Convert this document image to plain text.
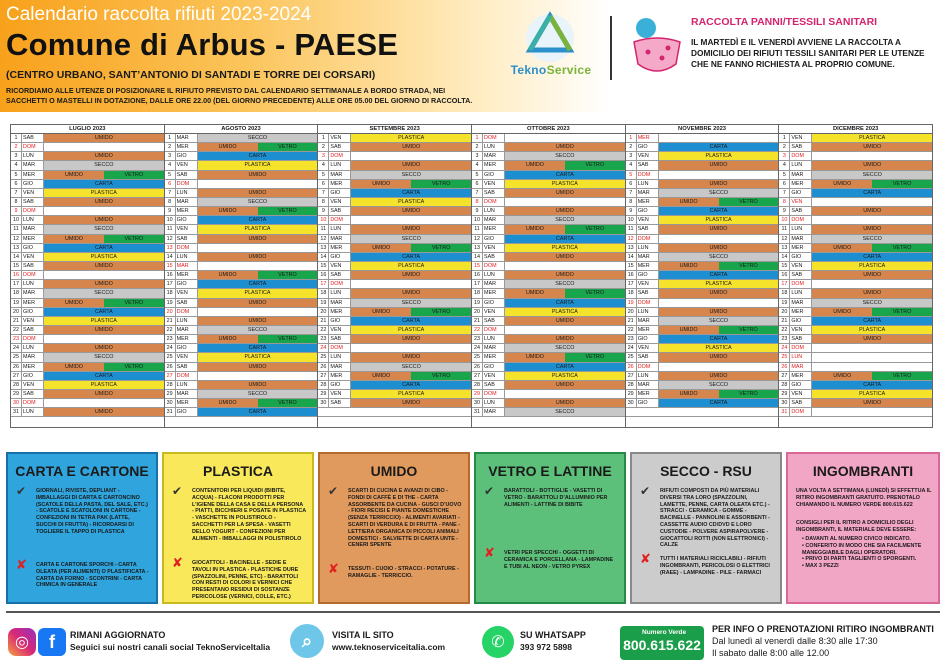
Calendario raccolta rifiuti 2023-2024
Comune di Arbus - PAESE
(CENTRO URBANO, SANT’ANTONIO DI SANTADI E TORRE DEI CORSARI)
RICORDIAMO ALLE UTENZE DI POSIZIONARE IL RIFIUTO PREVISTO DAL CALENDARIO SETTIMANALE A BORDO STRADA, NEI SACCHETTI O MASTELLI IN DOTAZIONE, DALLE ORE 22.00 (DEL GIORNO PRECEDENTE) ALLE ORE 05.00 DEL GIORNO DI RACCOLTA.
TeknoService
RACCOLTA PANNI/TESSILI SANITARI
IL MARTEDÌ E IL VENERDÌ AVVIENE LA RACCOLTA A DOMICILIO DEI RIFIUTI TESSILI SANITARI PER LE UTENZE CHE NE FANNO RICHIESTA AL PROPRIO COMUNE.
LUGLIO 2023
1	SAB	UMIDO
2	DOM
3	LUN	UMIDO
4	MAR	SECCO
5	MER	UMIDO	VETRO
6	GIO	CARTA
7	VEN	PLASTICA
8	SAB	UMIDO
9	DOM
10 LUN	UMIDO
11 MAR	SECCO
12 MER	UMIDO	VETRO
13 GIO	CARTA
14 VEN	PLASTICA
15 SAB	UMIDO
16 DOM
17 LUN	UMIDO
18 MAR	SECCO
19 MER	UMIDO	VETRO
20 GIO	CARTA
21 VEN	PLASTICA
22 SAB	UMIDO
23 DOM
24 LUN	UMIDO
25 MAR	SECCO
26 MER	UMIDO	VETRO
27 GIO	CARTA
28 VEN	PLASTICA
29 SAB	UMIDO
30 DOM
31 LUN	UMIDO
AGOSTO 2023
1	MAR	SECCO
2	MER	UMIDO	VETRO
3	GIO	CARTA
4	VEN	PLASTICA
5	SAB	UMIDO
6	DOM
7	LUN	UMIDO
8	MAR	SECCO
9	MER	UMIDO	VETRO
10 GIO	CARTA
11 VEN	PLASTICA
12 SAB	UMIDO
13 DOM
14 LUN	UMIDO
15 MAR
16 MER	UMIDO	VETRO
17 GIO	CARTA
18 VEN	PLASTICA
19 SAB	UMIDO
20 DOM
21 LUN	UMIDO
22 MAR	SECCO
23 MER	UMIDO	VETRO
24 GIO	CARTA
25 VEN	PLASTICA
26 SAB	UMIDO
27 DOM
28 LUN	UMIDO
29 MAR	SECCO
30 MER	UMIDO	VETRO
31 GIO	CARTA
SETTEMBRE 2023
1	VEN	PLASTICA
2	SAB	UMIDO
3	DOM
4	LUN	UMIDO
5	MAR	SECCO
6	MER	UMIDO	VETRO
7	GIO	CARTA
8	VEN	PLASTICA
9	SAB	UMIDO
10 DOM
11 LUN	UMIDO
12 MAR	SECCO
13 MER	UMIDO	VETRO
14 GIO	CARTA
15 VEN	PLASTICA
16 SAB	UMIDO
17 DOM
18 LUN	UMIDO
19 MAR	SECCO
20 MER	UMIDO	VETRO
21 GIO	CARTA
22 VEN	PLASTICA
23 SAB	UMIDO
24 DOM
25 LUN	UMIDO
26 MAR	SECCO
27 MER	UMIDO	VETRO
28 GIO	CARTA
29 VEN	PLASTICA
30 SAB	UMIDO
OTTOBRE 2023
1	DOM
2	LUN	UMIDO
3	MAR	SECCO
4	MER	UMIDO	VETRO
5	GIO	CARTA
6	VEN	PLASTICA
7	SAB	UMIDO
8	DOM
9	LUN	UMIDO
10 MAR	SECCO
11 MER	UMIDO	VETRO
12 GIO	CARTA
13 VEN	PLASTICA
14 SAB	UMIDO
15 DOM
16 LUN	UMIDO
17 MAR	SECCO
18 MER	UMIDO	VETRO
19 GIO	CARTA
20 VEN	PLASTICA
21 SAB	UMIDO
22 DOM
23 LUN	UMIDO
24 MAR	SECCO
25 MER	UMIDO	VETRO
26 GIO	CARTA
27 VEN	PLASTICA
28 SAB	UMIDO
29 DOM
30 LUN	UMIDO
31 MAR	SECCO
NOVEMBRE 2023
1	MER
2	GIO	CARTA
3	VEN	PLASTICA
4	SAB	UMIDO
5	DOM
6	LUN	UMIDO
7	MAR	SECCO
8	MER	UMIDO	VETRO
9	GIO	CARTA
10 VEN	PLASTICA
11 SAB	UMIDO
12 DOM
13 LUN	UMIDO
14 MAR	SECCO
15 MER	UMIDO	VETRO
16 GIO	CARTA
17 VEN	PLASTICA
18 SAB	UMIDO
19 DOM
20 LUN	UMIDO
21 MAR	SECCO
22 MER	UMIDO	VETRO
23 GIO	CARTA
24 VEN	PLASTICA
25 SAB	UMIDO
26 DOM
27 LUN	UMIDO
28 MAR	SECCO
29 MER	UMIDO	VETRO
30 GIO	CARTA
DICEMBRE 2023
1	VEN	PLASTICA
2	SAB	UMIDO
3	DOM
4	LUN	UMIDO
5	MAR	SECCO
6	MER	UMIDO	VETRO
7	GIO	CARTA
8	VEN
9	SAB	UMIDO
10 DOM
11 LUN	UMIDO
12 MAR	SECCO
13 MER	UMIDO	VETRO
14 GIO	CARTA
15 VEN	PLASTICA
16 SAB	UMIDO
17 DOM
18 LUN	UMIDO
19 MAR	SECCO
20 MER	UMIDO	VETRO
21 GIO	CARTA
22 VEN	PLASTICA
23 SAB	UMIDO
24 DOM
25 LUN
26 MAR
27 MER	UMIDO	VETRO
28 GIO	CARTA
29 VEN	PLASTICA
30 SAB	UMIDO
31 DOM
CARTA E CARTONE
✔ GIORNALI, RIVISTE, DEPLIANT - IMBALLAGGI DI CARTA E CARTONCINO (SCATOLE DELLA PASTA, DEL SALE, ETC.) - SCATOLE E SCATOLONI IN CARTONE - CONFEZIONI IN TETRA PAK (LATTE, SUCCHI DI FRUTTA) - RICORDARSI DI TOGLIERE IL TAPPO DI PLASTICA
✘ CARTA E CARTONE SPORCHI - CARTA OLEATA (PER ALIMENTI) O PLASTIFICATA - CARTA DA FORNO - SCONTRINI - CARTA CHIMICA IN GENERALE
PLASTICA
✔ CONTENITORI PER LIQUIDI (BIBITE, ACQUA) - FLACONI PRODOTTI PER L’IGIENE DELLA CASA E DELLA PERSONA - PIATTI, BICCHIERI E POSATE IN PLASTICA - VASCHETTE IN POLISTIROLO - SACCHETTI PER LA SPESA - VASETTI DELLO YOGURT - CONFEZIONI PER ALIMENTI - IMBALLAGGI IN POLISTIROLO
✘ GIOCATTOLI - BACINELLE - SEDIE E TAVOLI IN PLASTICA - PLASTICHE DURE (SPAZZOLINI, PENNE, ETC) - BARATTOLI CON RESTI DI COLORI E VERNICI CHE PRESENTANO RESIDUI DI SOSTANZE PERICOLOSE (VERNICI, COLLE, ETC.)
UMIDO
✔ SCARTI DI CUCINA E AVANZI DI CIBO - FONDI DI CAFFÈ E DI THE - CARTA ASSORBENTE DA CUCINA - GUSCI D’UOVO - FIORI RECISI E PIANTE DOMESTICHE (SENZA TERRICCIO) - ALIMENTI AVARIATI - SCARTI DI VERDURA E DI FRUTTA - PANE - LETTIERA ORGANICA DI PICCOLI ANIMALI DOMESTICI - SALVIETTE DI CARTA UNTE - CENERI SPENTE
✘ TESSUTI - CUOIO - STRACCI - POTATURE - RAMAGLIE - TERRICCIO.
VETRO E LATTINE
✔ BARATTOLI - BOTTIGLIE - VASETTI DI VETRO - BARATTOLI D’ALLUMINIO PER ALIMENTI - LATTINE DI BIBITE
✘ VETRI PER SPECCHI - OGGETTI DI CERAMICA E PORCELLANA - LAMPADINE E TUBI AL NEON - VETRO PYREX
SECCO - RSU
✔ RIFIUTI COMPOSTI DA PIÙ MATERIALI DIVERSI TRA LORO (SPAZZOLINI, LAMETTE, PENNE, CARTA OLEATA ETC.) - STRACCI - CERAMICA - GOMME - BACINELLE - PANNOLINI E ASSORBENTI - CASSETTE AUDIO CD/DVD E LORO CUSTODIE - POLVERE ASPIRAPOLVERE - GIOCATTOLI ROTTI (NON ELETTRONICI) - CALZE
✘ TUTTI I MATERIALI RICICLABILI - RIFIUTI INGOMBRANTI, PERICOLOSI O ELETTRICI (RAEE) - LAMPADINE - PILE - FARMACI
INGOMBRANTI
UNA VOLTA A SETTIMANA (LUNEDÌ) SI EFFETTUA IL RITIRO INGOMBRANTI GRATUITO. PRENOTALO CHIAMANDO IL NUMERO VERDE 800.615.622
CONSIGLI PER IL RITIRO A DOMICILIO DEGLI INGOMBRANTI, IL MATERIALE DEVE ESSERE:
• DAVANTI AL NUMERO CIVICO INDICATO.
• CONFERITO IN MODO CHE SIA FACILMENTE MANEGGIABILE DAGLI OPERATORI.
• PRIVO DI PARTI TAGLIENTI O SPORGENTI.
• MAX 3 PEZZI
◎	f	RIMANI AGGIORNATO
Seguici sui nostri canali social TeknoServiceItalia	⌕	VISITA IL SITO
www.teknoserviceitalia.com	✆	SU WHATSAPP
393 972 5898
Numero Verde
800.615.622
PER INFO O PRENOTAZIONI RITIRO INGOMBRANTI
Dal lunedì al venerdì dalle 8:30 alle 17:30
Il sabato dalle 8:00 alle 12.00
